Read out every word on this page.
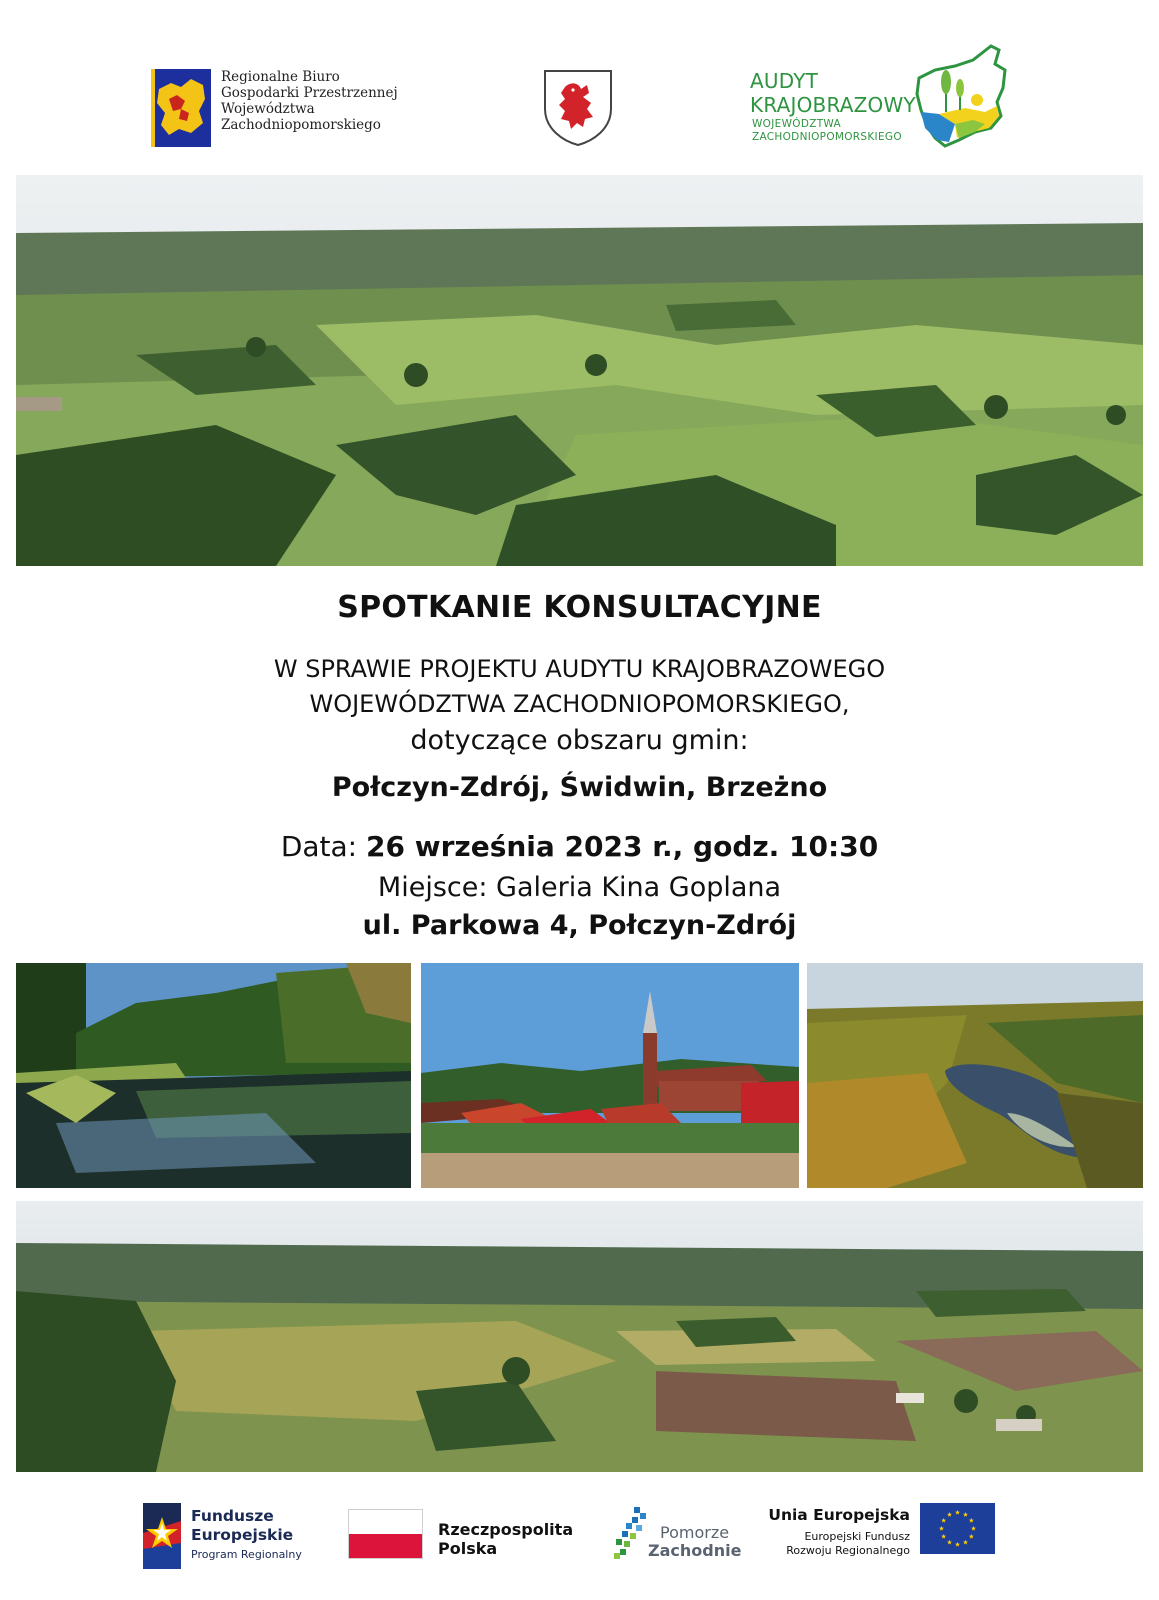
Regionalne Biuro
Gospodarki Przestrzennej
Województwa
Zachodniopomorskiego
AUDYT
KRAJOBRAZOWY
WOJEWÓDZTWA
ZACHODNIOPOMORSKIEGO
SPOTKANIE KONSULTACYJNE
W SPRAWIE PROJEKTU AUDYTU KRAJOBRAZOWEGO
WOJEWÓDZTWA ZACHODNIOPOMORSKIEGO,
dotyczące obszaru gmin:
Połczyn-Zdrój, Świdwin, Brzeżno
Data: 26 września 2023 r., godz. 10:30
Miejsce: Galeria Kina Goplana
ul. Parkowa 4, Połczyn-Zdrój
Fundusze
Europejskie
Program Regionalny
Rzeczpospolita
Polska
Pomorze
Zachodnie
Unia Europejska
Europejski Fundusz
Rozwoju Regionalnego
